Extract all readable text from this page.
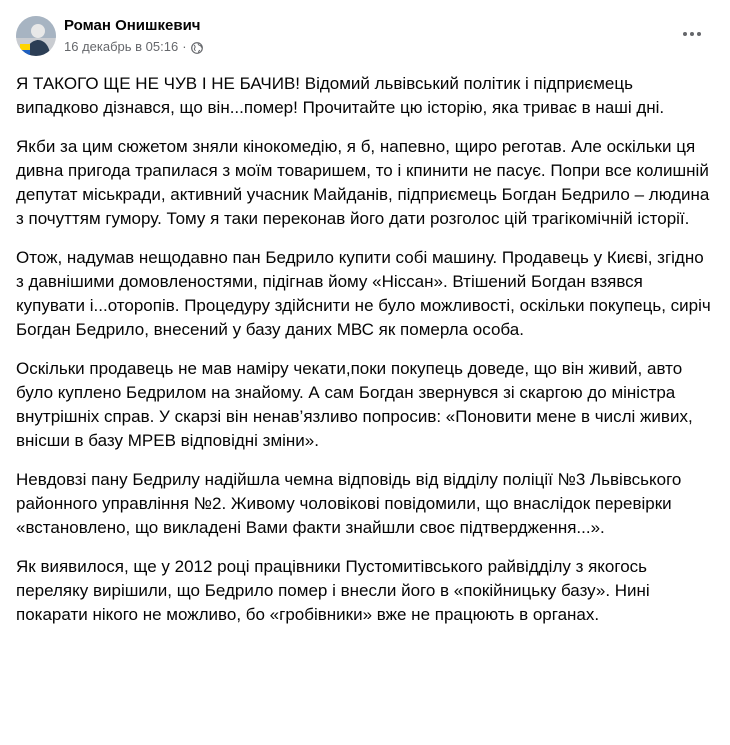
Роман Онишкевич
16 декабрь в 05:16 ·

Я ТАКОГО ЩЕ НЕ ЧУВ І НЕ БАЧИВ! Відомий львівський політик і підприємець випадково дізнався, що він...помер! Прочитайте цю історію, яка триває в наші дні.

Якби за цим сюжетом зняли кінокомедію, я б, напевно, щиро реготав. Але оскільки ця дивна пригода трапилася з моїм товаришем, то і кпинити не пасує. Попри все колишній депутат міськради, активний учасник Майданів, підприємець Богдан Бедрило – людина з почуттям гумору. Тому я таки переконав його дати розголос цій трагікомічній історії.

Отож, надумав нещодавно пан Бедрило купити собі машину. Продавець у Києві, згідно з давнішими домовленостями, підігнав йому «Ніссан». Втішений Богдан взявся купувати і...оторопів. Процедуру здійснити не було можливості, оскільки покупець, сиріч Богдан Бедрило, внесений у базу даних МВС як померла особа.

Оскільки продавець не мав наміру чекати,поки покупець доведе, що він живий, авто було куплено Бедрилом на знайому. А сам Богдан звернувся зі скаргою до міністра внутрішніх справ. У скарзі він ненав’язливо попросив: «Поновити мене в числі живих, внісши в базу МРЕВ відповідні зміни».

Невдовзі пану Бедрилу надійшла чемна відповідь від відділу поліції №3 Львівського районного управління №2. Живому чоловікові повідомили, що внаслідок перевірки «встановлено, що викладені Вами факти знайшли своє підтвердження...».

Як виявилося, ще у 2012 році працівники Пустомитівського райвідділу з якогось переляку вирішили, що Бедрило помер і внесли його в «покійницьку базу». Нині покарати нікого не можливо, бо «гробівники» вже не працюють в органах.
